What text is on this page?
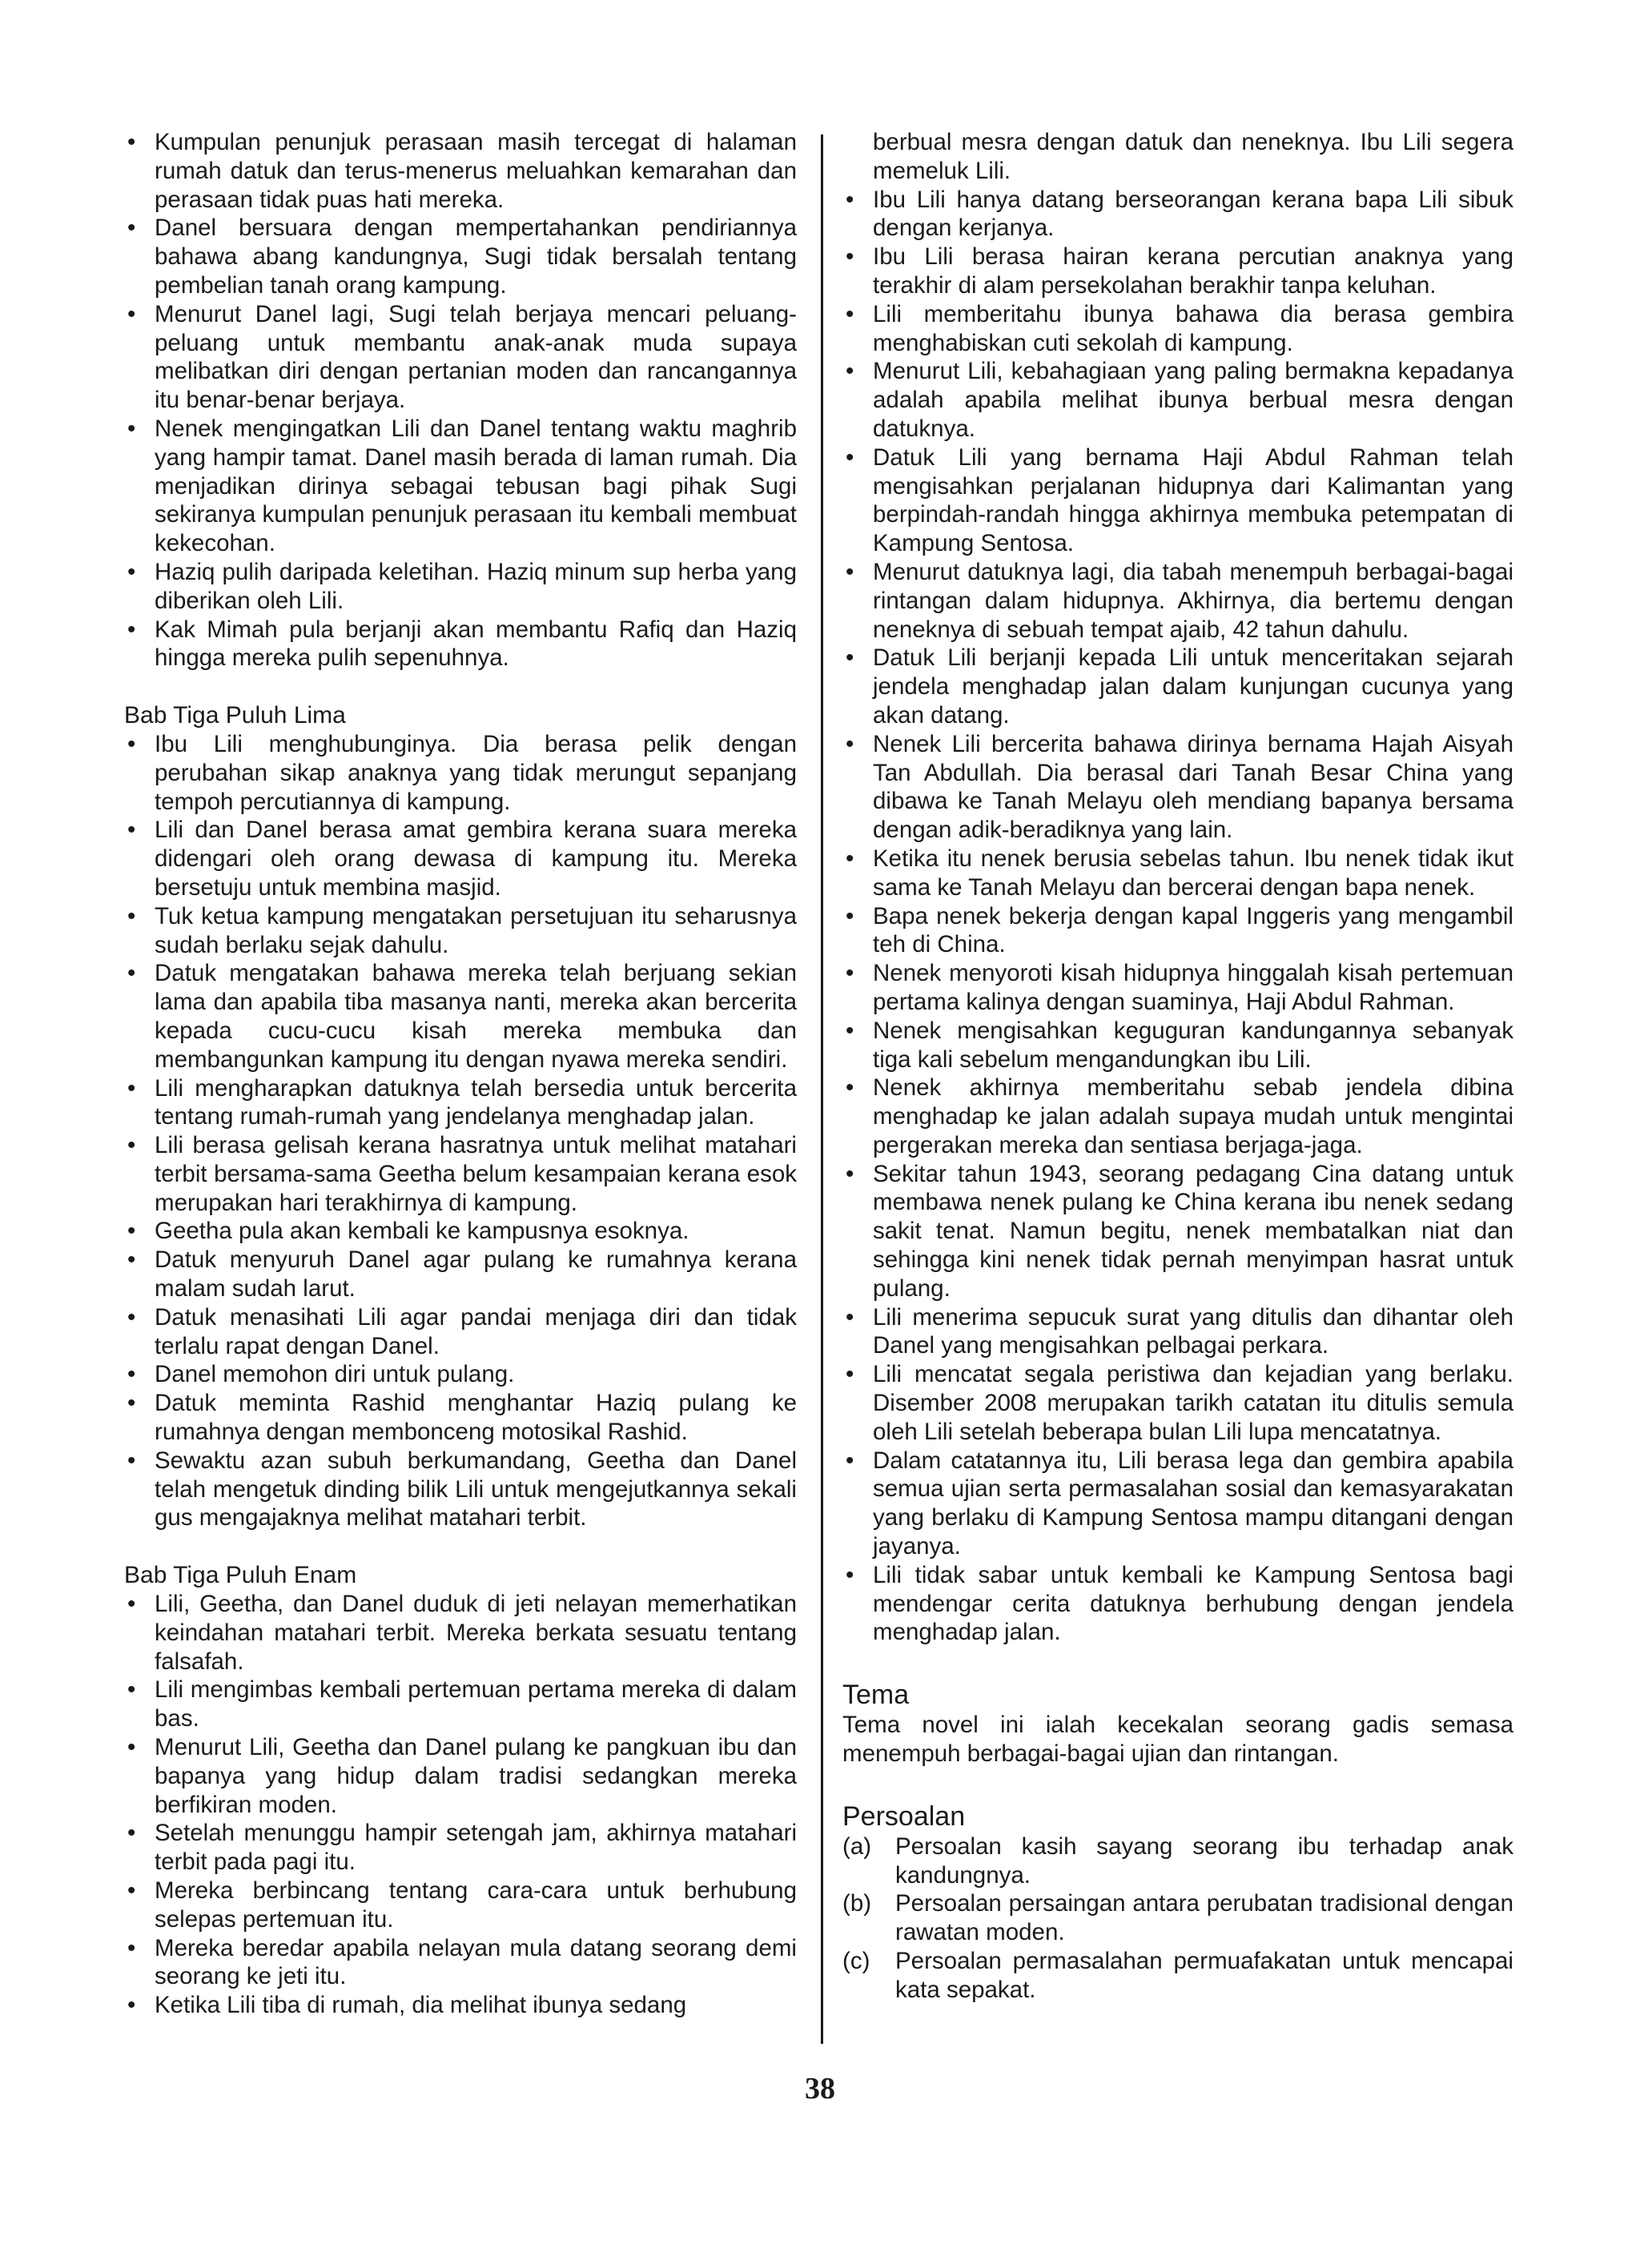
• Kumpulan penunjuk perasaan masih tercegat di halaman rumah datuk dan terus-menerus meluahkan kemarahan dan perasaan tidak puas hati mereka.
• Danel bersuara dengan mempertahankan pendiriannya bahawa abang kandungnya, Sugi tidak bersalah tentang pembelian tanah orang kampung.
• Menurut Danel lagi, Sugi telah berjaya mencari peluang-peluang untuk membantu anak-anak muda supaya melibatkan diri dengan pertanian moden dan rancangannya itu benar-benar berjaya.
• Nenek mengingatkan Lili dan Danel tentang waktu maghrib yang hampir tamat. Danel masih berada di laman rumah. Dia menjadikan dirinya sebagai tebusan bagi pihak Sugi sekiranya kumpulan penunjuk perasaan itu kembali membuat kekecohan.
• Haziq pulih daripada keletihan. Haziq minum sup herba yang diberikan oleh Lili.
• Kak Mimah pula berjanji akan membantu Rafiq dan Haziq hingga mereka pulih sepenuhnya.
Bab Tiga Puluh Lima
• Ibu Lili menghubunginya. Dia berasa pelik dengan perubahan sikap anaknya yang tidak merungut sepanjang tempoh percutiannya di kampung.
• Lili dan Danel berasa amat gembira kerana suara mereka didengari oleh orang dewasa di kampung itu. Mereka bersetuju untuk membina masjid.
• Tuk ketua kampung mengatakan persetujuan itu seharusnya sudah berlaku sejak dahulu.
• Datuk mengatakan bahawa mereka telah berjuang sekian lama dan apabila tiba masanya nanti, mereka akan bercerita kepada cucu-cucu kisah mereka membuka dan membangunkan kampung itu dengan nyawa mereka sendiri.
• Lili mengharapkan datuknya telah bersedia untuk bercerita tentang rumah-rumah yang jendelanya menghadap jalan.
• Lili berasa gelisah kerana hasratnya untuk melihat matahari terbit bersama-sama Geetha belum kesampaian kerana esok merupakan hari terakhirnya di kampung.
• Geetha pula akan kembali ke kampusnya esoknya.
• Datuk menyuruh Danel agar pulang ke rumahnya kerana malam sudah larut.
• Datuk menasihati Lili agar pandai menjaga diri dan tidak terlalu rapat dengan Danel.
• Danel memohon diri untuk pulang.
• Datuk meminta Rashid menghantar Haziq pulang ke rumahnya dengan membonceng motosikal Rashid.
• Sewaktu azan subuh berkumandang, Geetha dan Danel telah mengetuk dinding bilik Lili untuk mengejutkannya sekali gus mengajaknya melihat matahari terbit.
Bab Tiga Puluh Enam
• Lili, Geetha, dan Danel duduk di jeti nelayan memerhatikan keindahan matahari terbit. Mereka berkata sesuatu tentang falsafah.
• Lili mengimbas kembali pertemuan pertama mereka di dalam bas.
• Menurut Lili, Geetha dan Danel pulang ke pangkuan ibu dan bapanya yang hidup dalam tradisi sedangkan mereka berfikiran moden.
• Setelah menunggu hampir setengah jam, akhirnya matahari terbit pada pagi itu.
• Mereka berbincang tentang cara-cara untuk berhubung selepas pertemuan itu.
• Mereka beredar apabila nelayan mula datang seorang demi seorang ke jeti itu.
• Ketika Lili tiba di rumah, dia melihat ibunya sedang
berbual mesra dengan datuk dan neneknya. Ibu Lili segera memeluk Lili.
• Ibu Lili hanya datang berseorangan kerana bapa Lili sibuk dengan kerjanya.
• Ibu Lili berasa hairan kerana percutian anaknya yang terakhir di alam persekolahan berakhir tanpa keluhan.
• Lili memberitahu ibunya bahawa dia berasa gembira menghabiskan cuti sekolah di kampung.
• Menurut Lili, kebahagiaan yang paling bermakna kepadanya adalah apabila melihat ibunya berbual mesra dengan datuknya.
• Datuk Lili yang bernama Haji Abdul Rahman telah mengisahkan perjalanan hidupnya dari Kalimantan yang berpindah-randah hingga akhirnya membuka petempatan di Kampung Sentosa.
• Menurut datuknya lagi, dia tabah menempuh berbagai-bagai rintangan dalam hidupnya. Akhirnya, dia bertemu dengan neneknya di sebuah tempat ajaib, 42 tahun dahulu.
• Datuk Lili berjanji kepada Lili untuk menceritakan sejarah jendela menghadap jalan dalam kunjungan cucunya yang akan datang.
• Nenek Lili bercerita bahawa dirinya bernama Hajah Aisyah Tan Abdullah. Dia berasal dari Tanah Besar China yang dibawa ke Tanah Melayu oleh mendiang bapanya bersama dengan adik-beradiknya yang lain.
• Ketika itu nenek berusia sebelas tahun. Ibu nenek tidak ikut sama ke Tanah Melayu dan bercerai dengan bapa nenek.
• Bapa nenek bekerja dengan kapal Inggeris yang mengambil teh di China.
• Nenek menyoroti kisah hidupnya hinggalah kisah pertemuan pertama kalinya dengan suaminya, Haji Abdul Rahman.
• Nenek mengisahkan keguguran kandungannya sebanyak tiga kali sebelum mengandungkan ibu Lili.
• Nenek akhirnya memberitahu sebab jendela dibina menghadap ke jalan adalah supaya mudah untuk mengintai pergerakan mereka dan sentiasa berjaga-jaga.
• Sekitar tahun 1943, seorang pedagang Cina datang untuk membawa nenek pulang ke China kerana ibu nenek sedang sakit tenat. Namun begitu, nenek membatalkan niat dan sehingga kini nenek tidak pernah menyimpan hasrat untuk pulang.
• Lili menerima sepucuk surat yang ditulis dan dihantar oleh Danel yang mengisahkan pelbagai perkara.
• Lili mencatat segala peristiwa dan kejadian yang berlaku. Disember 2008 merupakan tarikh catatan itu ditulis semula oleh Lili setelah beberapa bulan Lili lupa mencatatnya.
• Dalam catatannya itu, Lili berasa lega dan gembira apabila semua ujian serta permasalahan sosial dan kemasyarakatan yang berlaku di Kampung Sentosa mampu ditangani dengan jayanya.
• Lili tidak sabar untuk kembali ke Kampung Sentosa bagi mendengar cerita datuknya berhubung dengan jendela menghadap jalan.
Tema
Tema novel ini ialah kecekalan seorang gadis semasa menempuh berbagai-bagai ujian dan rintangan.
Persoalan
(a) Persoalan kasih sayang seorang ibu terhadap anak kandungnya.
(b) Persoalan persaingan antara perubatan tradisional dengan rawatan moden.
(c) Persoalan permasalahan permuafakatan untuk mencapai kata sepakat.
38
